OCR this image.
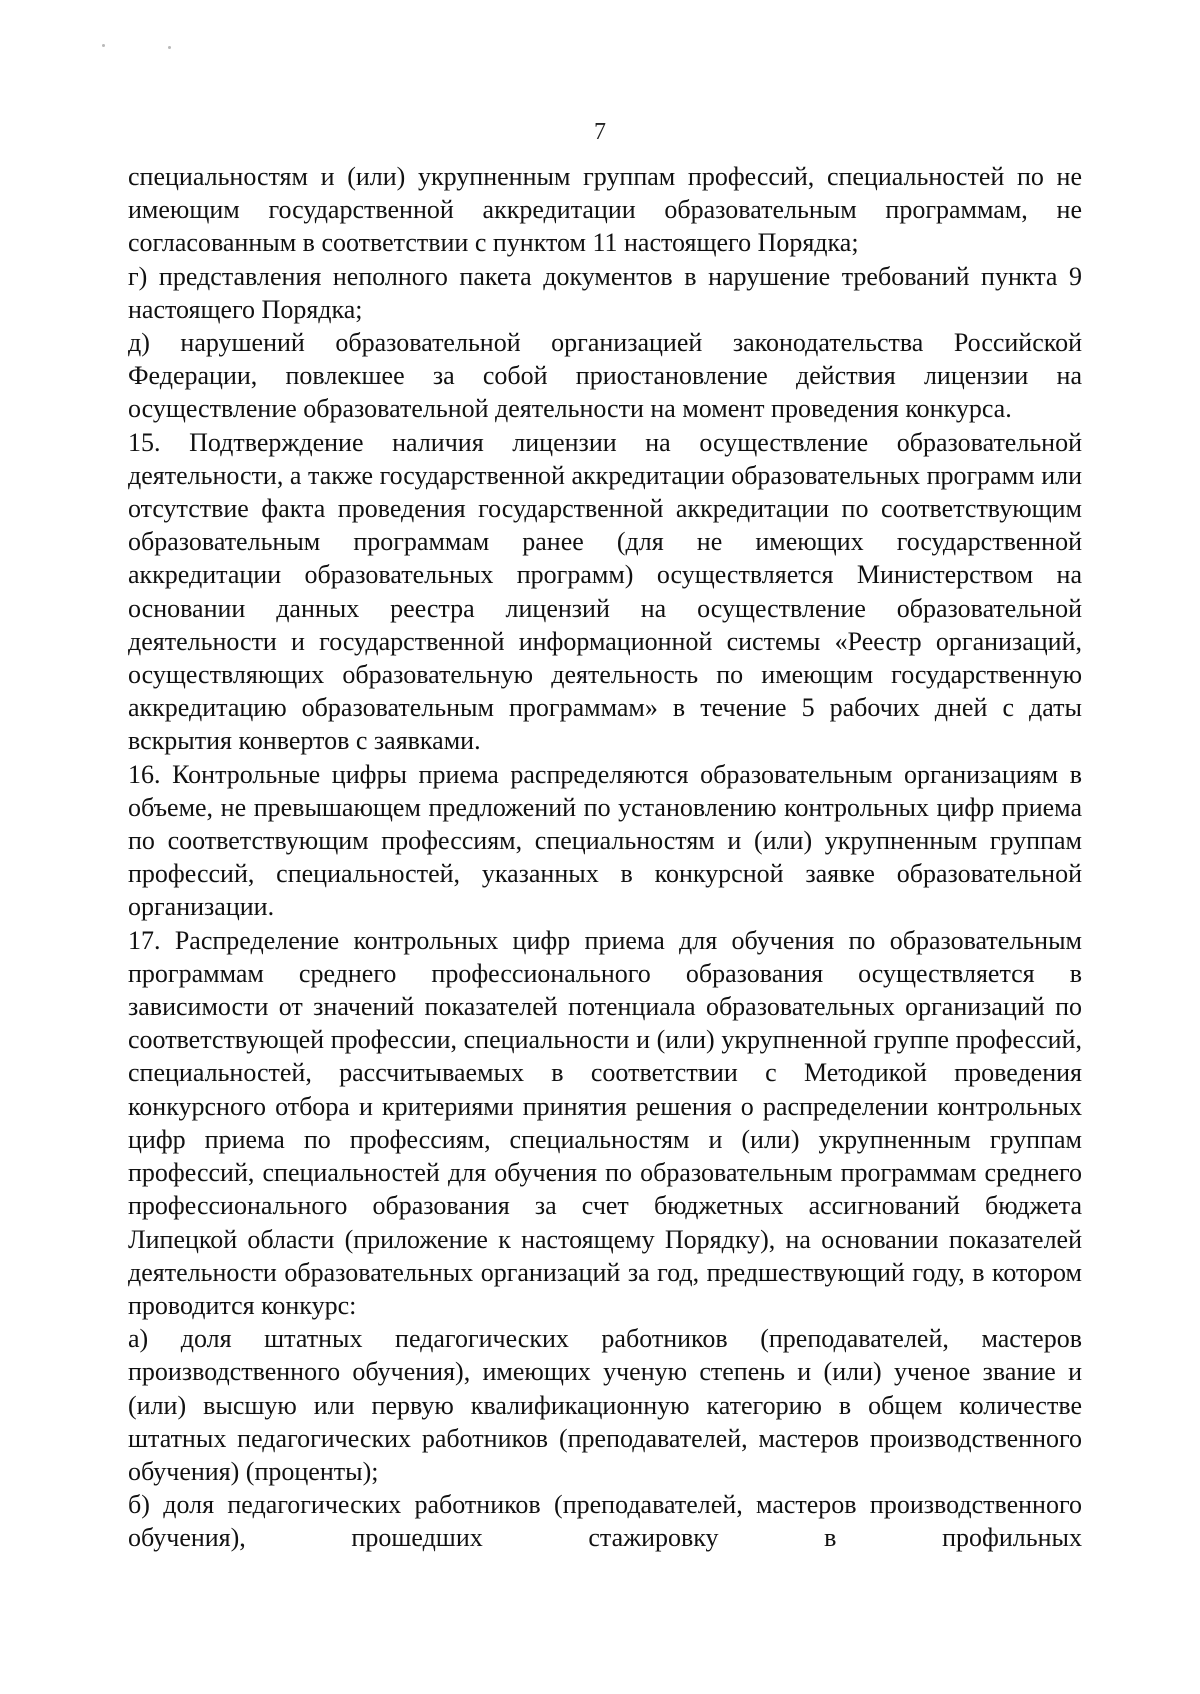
7

специальностям и (или) укрупненным группам профессий, специальностей по не имеющим государственной аккредитации образовательным программам, не согласованным в соответствии с пунктом 11 настоящего Порядка;

г) представления неполного пакета документов в нарушение требований пункта 9 настоящего Порядка;

д) нарушений образовательной организацией законодательства Российской Федерации, повлекшее за собой приостановление действия лицензии на осуществление образовательной деятельности на момент проведения конкурса.

15. Подтверждение наличия лицензии на осуществление образовательной деятельности, а также государственной аккредитации образовательных программ или отсутствие факта проведения государственной аккредитации по соответствующим образовательным программам ранее (для не имеющих государственной аккредитации образовательных программ) осуществляется Министерством на основании данных реестра лицензий на осуществление образовательной деятельности и государственной информационной системы «Реестр организаций, осуществляющих образовательную деятельность по имеющим государственную аккредитацию образовательным программам» в течение 5 рабочих дней с даты вскрытия конвертов с заявками.

16. Контрольные цифры приема распределяются образовательным организациям в объеме, не превышающем предложений по установлению контрольных цифр приема по соответствующим профессиям, специальностям и (или) укрупненным группам профессий, специальностей, указанных в конкурсной заявке образовательной организации.

17. Распределение контрольных цифр приема для обучения по образовательным программам среднего профессионального образования осуществляется в зависимости от значений показателей потенциала образовательных организаций по соответствующей профессии, специальности и (или) укрупненной группе профессий, специальностей, рассчитываемых в соответствии с Методикой проведения конкурсного отбора и критериями принятия решения о распределении контрольных цифр приема по профессиям, специальностям и (или) укрупненным группам профессий, специальностей для обучения по образовательным программам среднего профессионального образования за счет бюджетных ассигнований бюджета Липецкой области (приложение к настоящему Порядку), на основании показателей деятельности образовательных организаций за год, предшествующий году, в котором проводится конкурс:

а) доля штатных педагогических работников (преподавателей, мастеров производственного обучения), имеющих ученую степень и (или) ученое звание и (или) высшую или первую квалификационную категорию в общем количестве штатных педагогических работников (преподавателей, мастеров производственного обучения) (проценты);

б) доля педагогических работников (преподавателей, мастеров производственного обучения), прошедших стажировку в профильных
